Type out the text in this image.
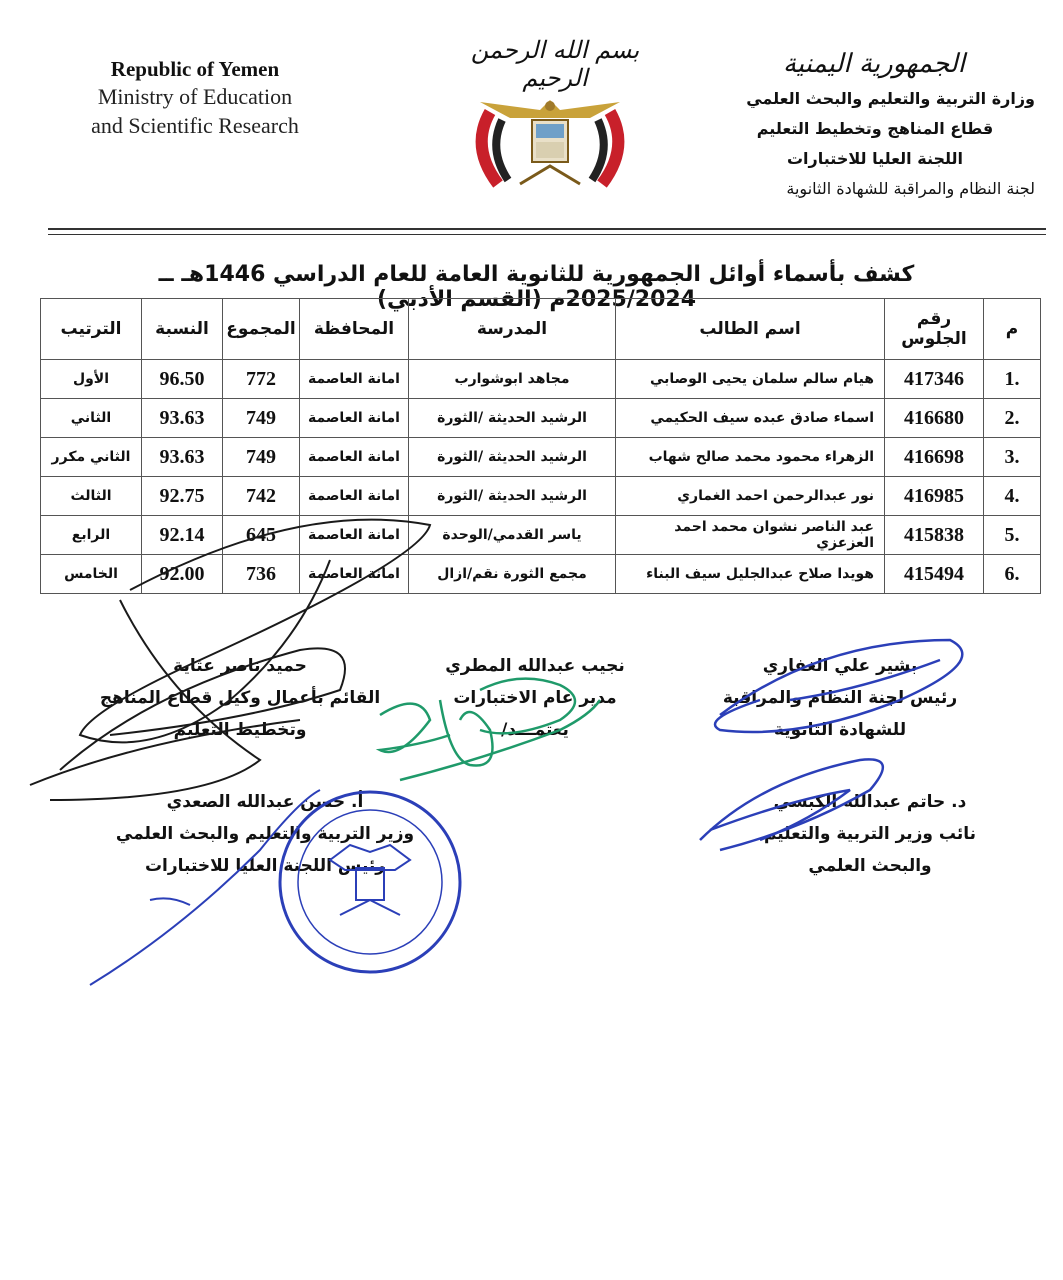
Republic of Yemen
Ministry of Education
and Scientific Research
بسم الله الرحمن الرحيم	الجمهورية اليمنية
وزارة التربية والتعليم والبحث العلمي
قطاع المناهج وتخطيط التعليم
اللجنة العليا للاختبارات
لجنة النظام والمراقبة للشهادة الثانوية
كشف بأسماء أوائل الجمهورية للثانوية العامة للعام الدراسي 1446هـ ــ 2025/2024م (القسم الأدبي)
م	رقم الجلوس	اسم الطالب	المدرسة	المحافظة	المجموع	النسبة	الترتيب
.1	417346	هيام سالم سلمان يحيى الوصابي	مجاهد ابوشوارب	امانة العاصمة	772	96.50	الأول
.2	416680	اسماء صادق عبده سيف الحكيمي	الرشيد الحديثة /الثورة	امانة العاصمة	749	93.63	الثاني
.3	416698	الزهراء محمود محمد صالح شهاب	الرشيد الحديثة /الثورة	امانة العاصمة	749	93.63	الثاني مكرر
.4	416985	نور عبدالرحمن احمد الغماري	الرشيد الحديثة /الثورة	امانة العاصمة	742	92.75	الثالث
.5	415838	عبد الناصر نشوان محمد احمد العزعزي	ياسر القدمي/الوحدة	امانة العاصمة	645	92.14	الرابع
.6	415494	هويدا صلاح عبدالجليل سيف البناء	مجمع الثورة نقم/ازال	امانة العاصمة	736	92.00	الخامس
بشير علي الغفاري
رئيس لجنة النظام والمراقبة
للشهادة الثانوية
نجيب عبدالله المطري
مدير عام الاختبارات
يعتمـــد/
حميد ناصر عثاية
القائم بأعمال وكيل قطاع المناهج
وتخطيط التعليم
د. حاتم عبدالله الكبسي
نائب وزير التربية والتعليم
والبحث العلمي
أ. حسن عبدالله الصعدي
وزير التربية والتعليم والبحث العلمي
رئيس اللجنة العليا للاختبارات
